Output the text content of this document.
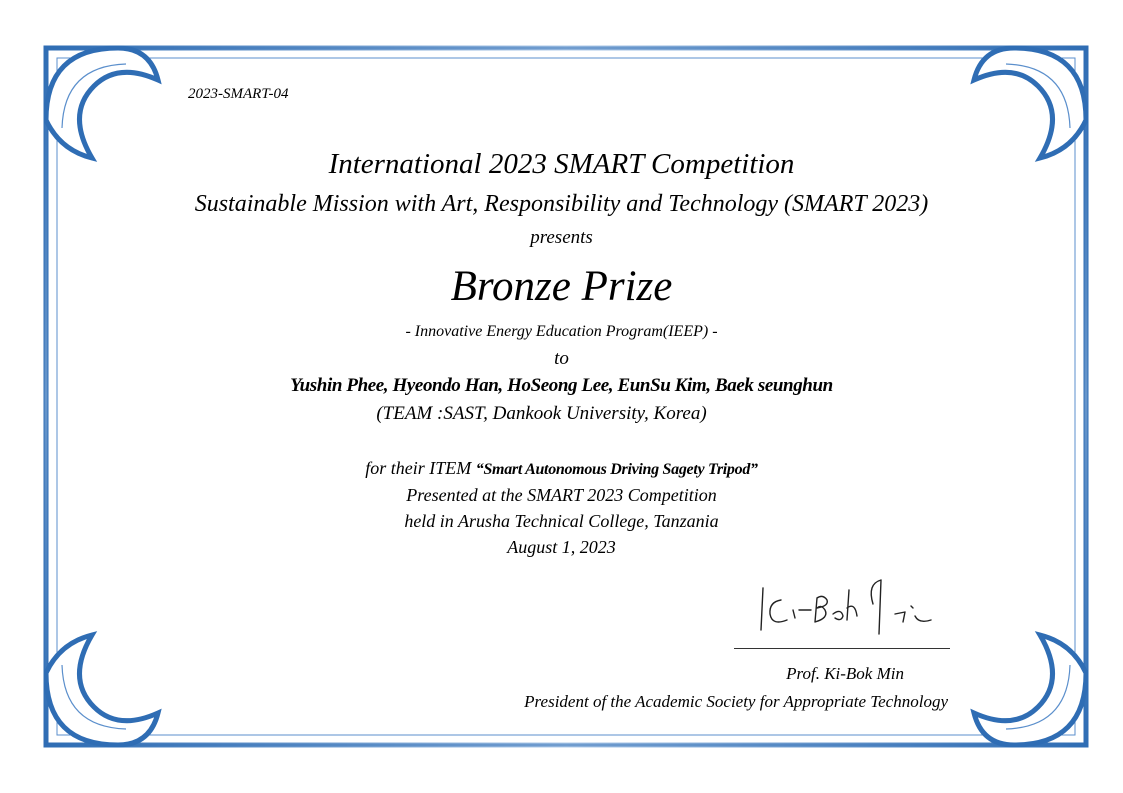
2023-SMART-04
International 2023 SMART Competition
Sustainable Mission with Art, Responsibility and Technology (SMART 2023)
presents
Bronze Prize
- Innovative Energy Education Program(IEEP) -
to
Yushin Phee, Hyeondo Han, HoSeong Lee, EunSu Kim, Baek seunghun
(TEAM :SAST, Dankook University, Korea)
for their ITEM “Smart Autonomous Driving Sagety Tripod”
Presented at the SMART 2023 Competition
held in Arusha Technical College, Tanzania
August 1, 2023
Prof. Ki-Bok Min
President of the Academic Society for Appropriate Technology
